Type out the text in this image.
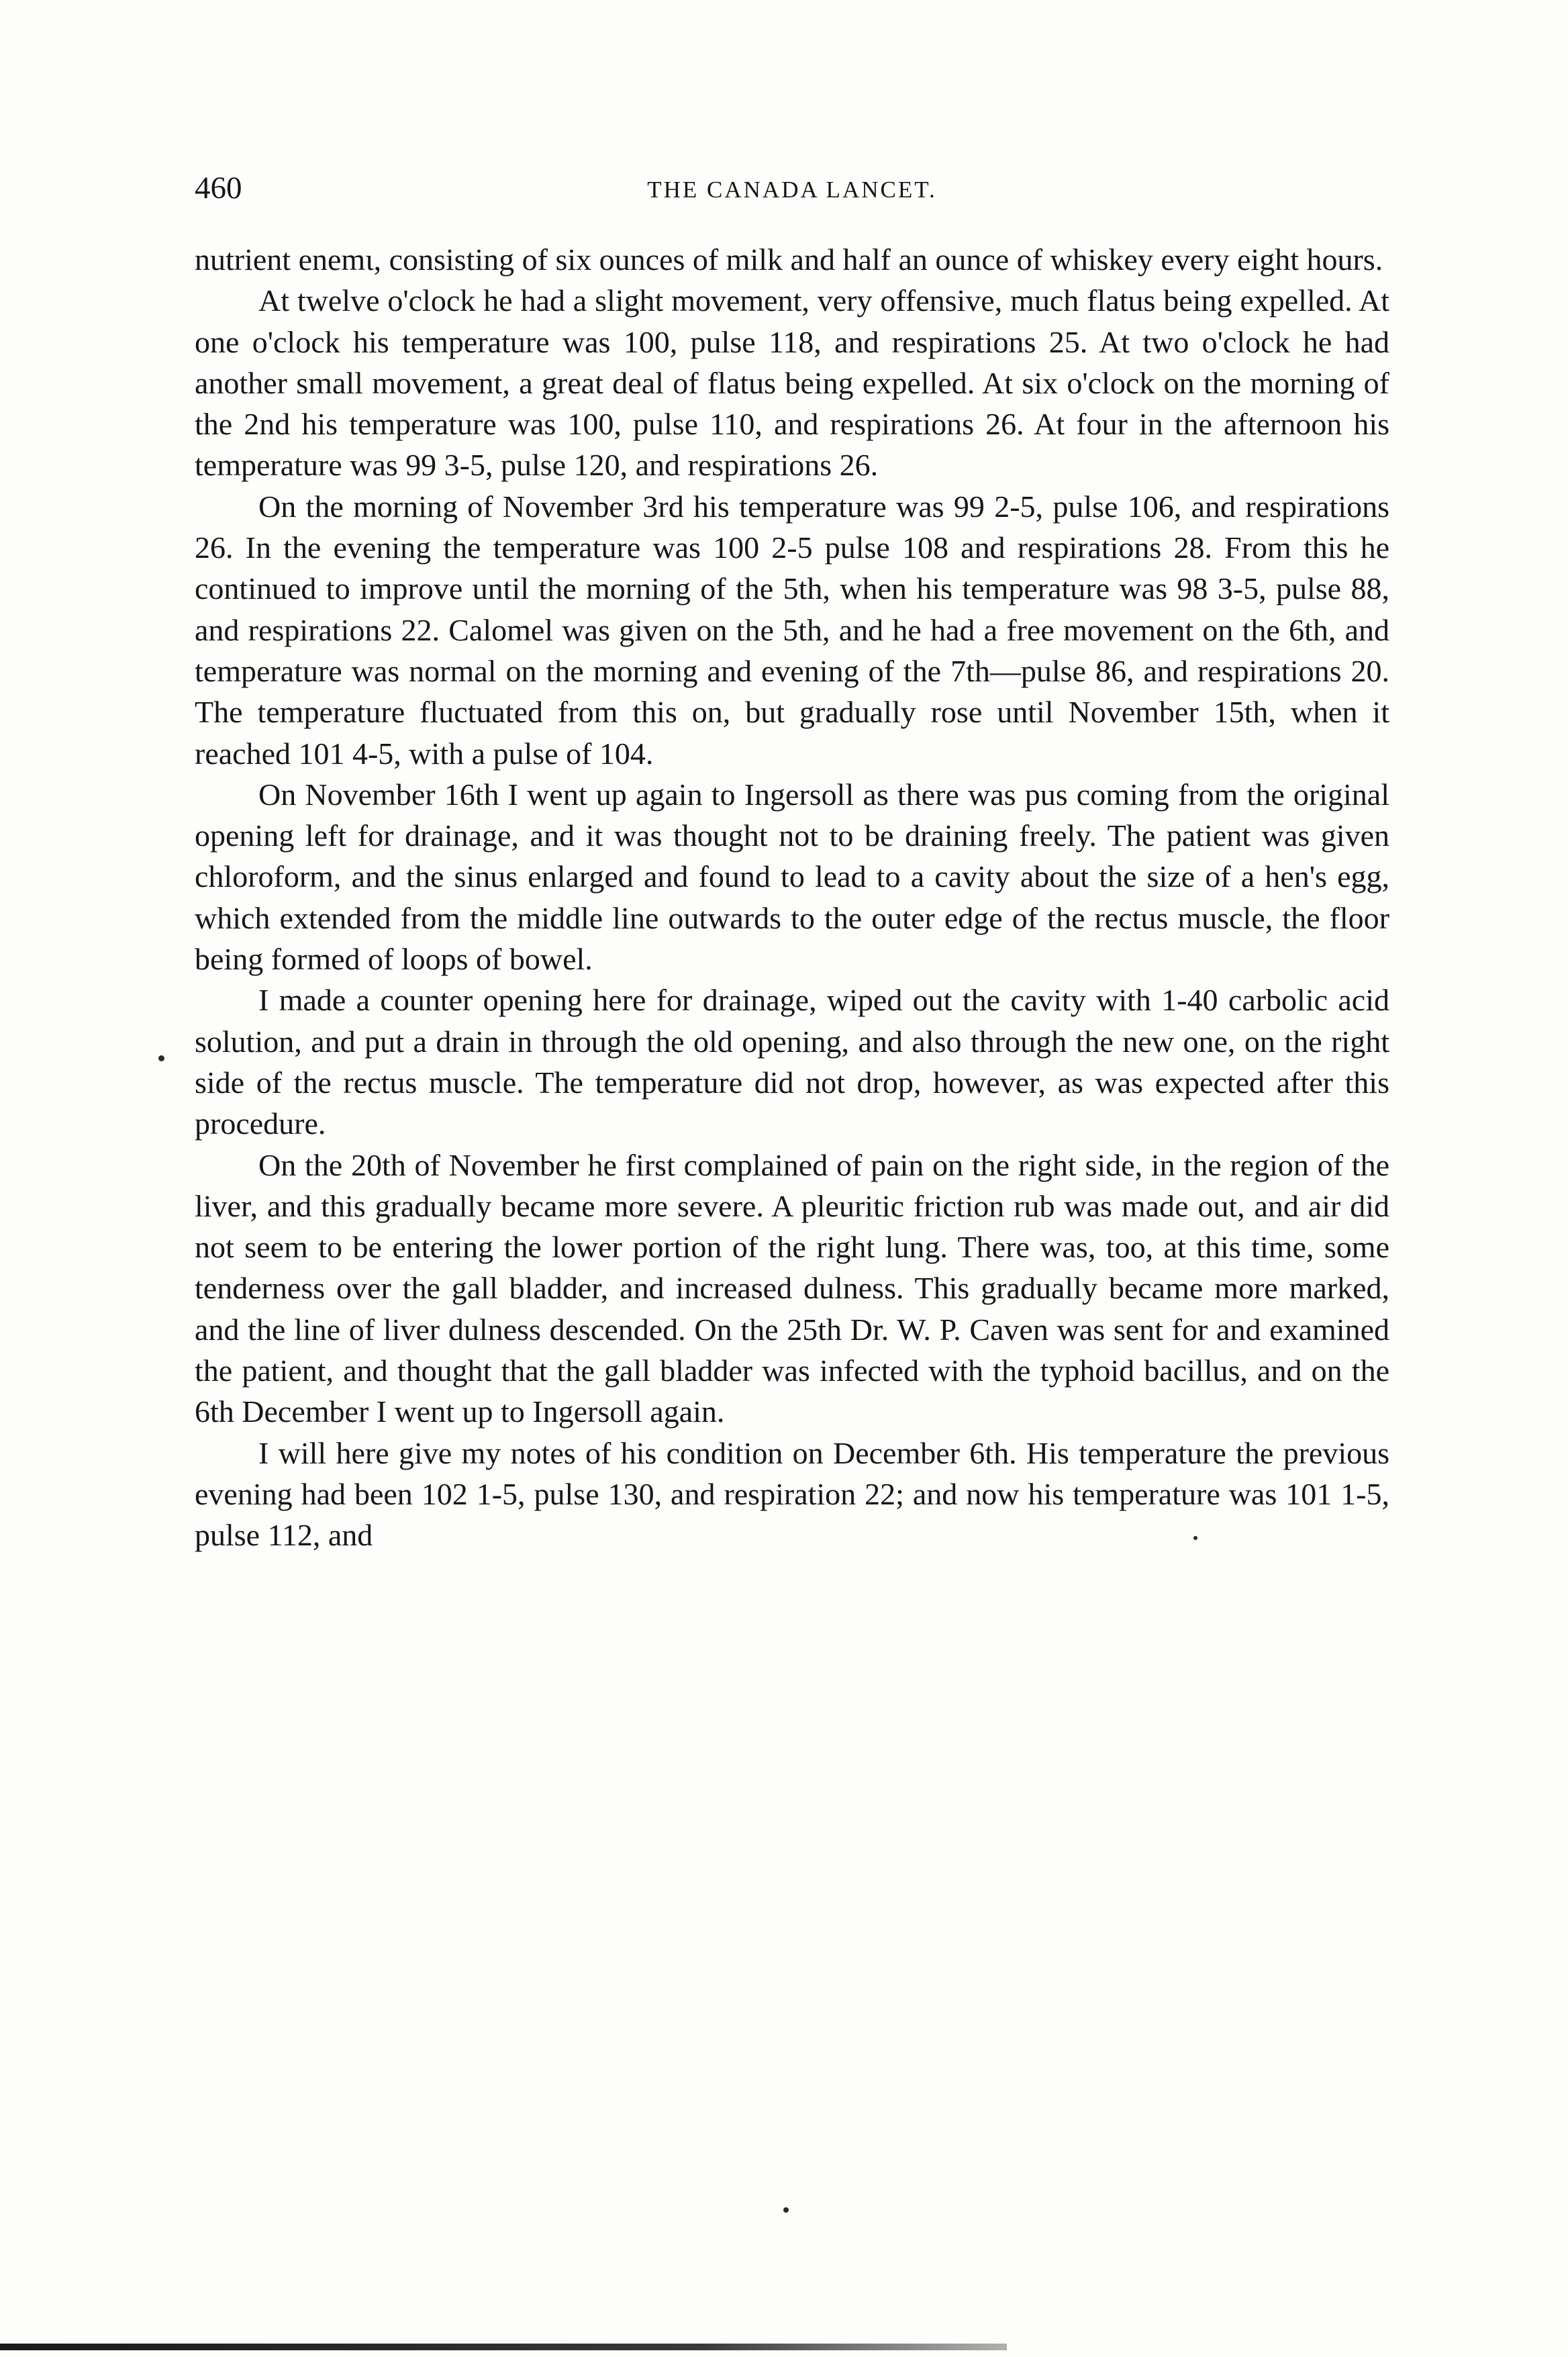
460	THE CANADA LANCET.

nutrient enemɩ, consisting of six ounces of milk and half an ounce of whiskey every eight hours.

At twelve o'clock he had a slight movement, very offensive, much flatus being expelled. At one o'clock his temperature was 100, pulse 118, and respirations 25. At two o'clock he had another small movement, a great deal of flatus being expelled. At six o'clock on the morning of the 2nd his temperature was 100, pulse 110, and respirations 26. At four in the afternoon his temperature was 99 3-5, pulse 120, and respirations 26.

On the morning of November 3rd his temperature was 99 2-5, pulse 106, and respirations 26. In the evening the temperature was 100 2-5 pulse 108 and respirations 28. From this he continued to improve until the morning of the 5th, when his temperature was 98 3-5, pulse 88, and respirations 22. Calomel was given on the 5th, and he had a free movement on the 6th, and temperature was normal on the morning and evening of the 7th—pulse 86, and respirations 20. The temperature fluctuated from this on, but gradually rose until November 15th, when it reached 101 4-5, with a pulse of 104.

On November 16th I went up again to Ingersoll as there was pus coming from the original opening left for drainage, and it was thought not to be draining freely. The patient was given chloroform, and the sinus enlarged and found to lead to a cavity about the size of a hen's egg, which extended from the middle line outwards to the outer edge of the rectus muscle, the floor being formed of loops of bowel.

I made a counter opening here for drainage, wiped out the cavity with 1-40 carbolic acid solution, and put a drain in through the old opening, and also through the new one, on the right side of the rectus muscle. The temperature did not drop, however, as was expected after this procedure.

On the 20th of November he first complained of pain on the right side, in the region of the liver, and this gradually became more severe. A pleuritic friction rub was made out, and air did not seem to be entering the lower portion of the right lung. There was, too, at this time, some tenderness over the gall bladder, and increased dulness. This gradually became more marked, and the line of liver dulness descended. On the 25th Dr. W. P. Caven was sent for and examined the patient, and thought that the gall bladder was infected with the typhoid bacillus, and on the 6th December I went up to Ingersoll again.

I will here give my notes of his condition on December 6th. His temperature the previous evening had been 102 1-5, pulse 130, and respiration 22; and now his temperature was 101 1-5, pulse 112, and
